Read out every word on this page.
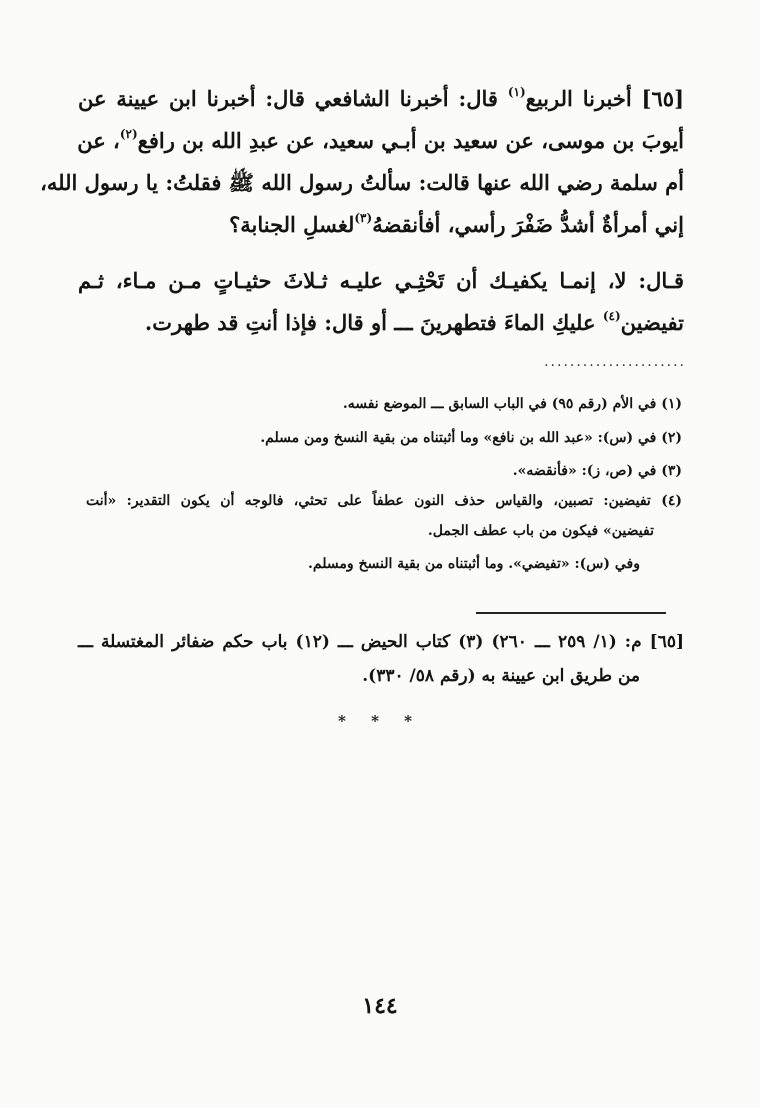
[٦٥] أخبرنا الربيع$^{(١)}$ قال: أخبرنا الشافعي قال: أخبرنا ابن عيينة عن
أيوبَ بن موسى، عن سعيد بن أبـي سعيد، عن عبدِ الله بن رافع$^{(٢)}$، عن
أم سلمة رضي الله عنها قالت: سألتُ رسول الله ﷺ فقلتُ: يا رسول الله،
إني أمرأةٌ أشدُّ ضَفْرَ رأسي، أفأنقضهُ$^{(٣)}$لغسلِ الجنابة؟
قـال: لا، إنمـا يكفيـك أن تَحْثِـي عليـه ثـلاثَ حثيـاتٍ مـن مـاء، ثـم
تفيضين$^{(٤)}$ عليكِ الماءَ فتطهرينَ ـــ أو قال: فإذا أنتِ قد طهرت.
......................
(١) في الأم (رقم ٩٥) في الباب السابق ـــ الموضع نفسه.
(٢) في (س): «عبد الله بن نافع» وما أثبتناه من بقية النسخ ومن مسلم.
(٣) في (ص، ز): «فأنقضه».
(٤) تفيضين: تصبين، والقياس حذف النون عطفاً على تحثي، فالوجه أن يكون التقدير: «أنت
تفيضين» فيكون من باب عطف الجمل.
وفي (س): «تفيضي». وما أثبتناه من بقية النسخ ومسلم.
[٦٥] م: (١/ ٢٥٩ ـــ ٢٦٠) (٣) كتاب الحيض ـــ (١٢) باب حكم ضفائر المغتسلة ـــ
من طريق ابن عيينة به (رقم ٥٨/ ٣٣٠).
* * *
١٤٤
